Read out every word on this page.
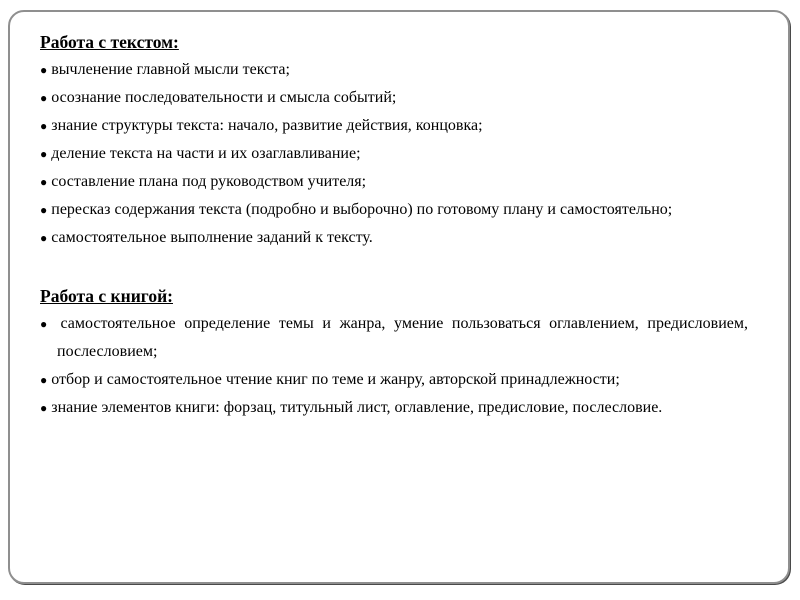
Работа с текстом:
● вычленение главной мысли текста;
● осознание последовательности и смысла событий;
● знание структуры текста: начало, развитие действия, концовка;
● деление текста на части и их озаглавливание;
● составление плана под руководством учителя;
● пересказ содержания текста (подробно и выборочно) по готовому плану и самостоятельно;
● самостоятельное выполнение заданий к тексту.
Работа с книгой:
● самостоятельное определение темы и жанра, умение пользоваться оглавлением, предисловием, послесловием;
● отбор и самостоятельное чтение книг по теме и жанру, авторской принадлежности;
● знание элементов книги: форзац, титульный лист, оглавление, предисловие, послесловие.
